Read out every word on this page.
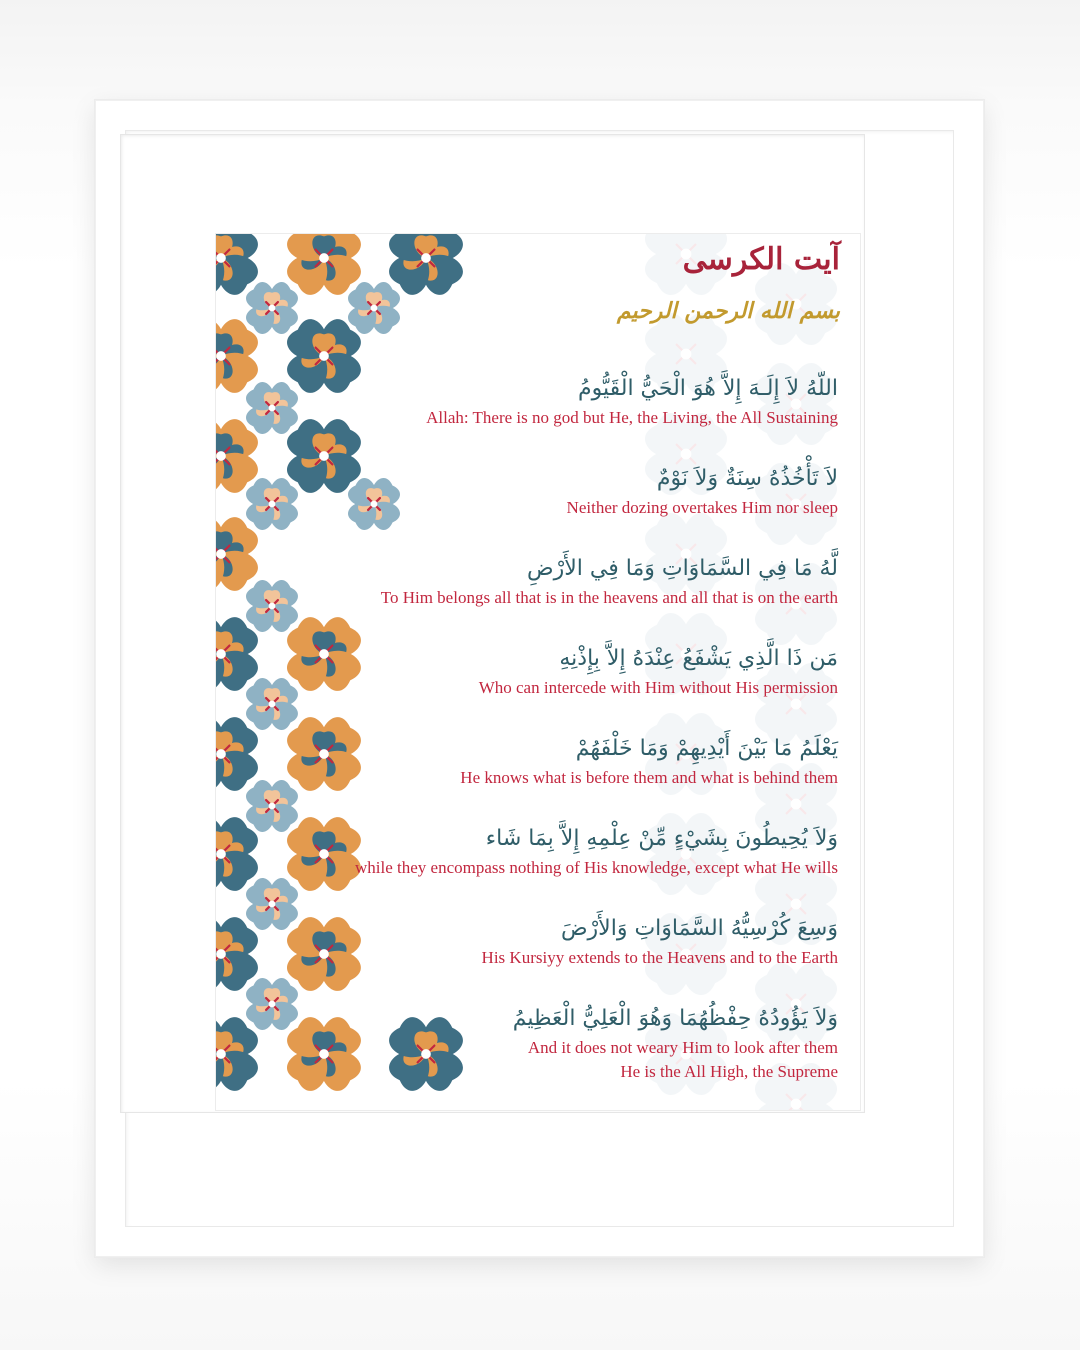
آيت الکرسی
بسم الله الرحمن الرحيم
اللّهُ لاَ إِلَـهَ إِلاَّ هُوَ الْحَيُّ الْقَيُّومُ
Allah: There is no god but He, the Living, the All Sustaining
لاَ تَأْخُذُهُ سِنَةٌ وَلاَ نَوْمٌ
Neither dozing overtakes Him nor sleep
لَّهُ مَا فِي السَّمَاوَاتِ وَمَا فِي الأَرْضِ
To Him belongs all that is in the heavens and all that is on the earth
مَن ذَا الَّذِي يَشْفَعُ عِنْدَهُ إِلاَّ بِإِذْنِهِ
Who can intercede with Him without His permission
يَعْلَمُ مَا بَيْنَ أَيْدِيهِمْ وَمَا خَلْفَهُمْ
He knows what is before them and what is behind them
وَلاَ يُحِيطُونَ بِشَيْءٍ مِّنْ عِلْمِهِ إِلاَّ بِمَا شَاء
while they encompass nothing of His knowledge, except what He wills
وَسِعَ كُرْسِيُّهُ السَّمَاوَاتِ وَالأَرْضَ
His Kursiyy extends to the Heavens and to the Earth
وَلاَ يَؤُودُهُ حِفْظُهُمَا وَهُوَ الْعَلِيُّ الْعَظِيمُ
And it does not weary Him to look after them
He is the All High, the Supreme
